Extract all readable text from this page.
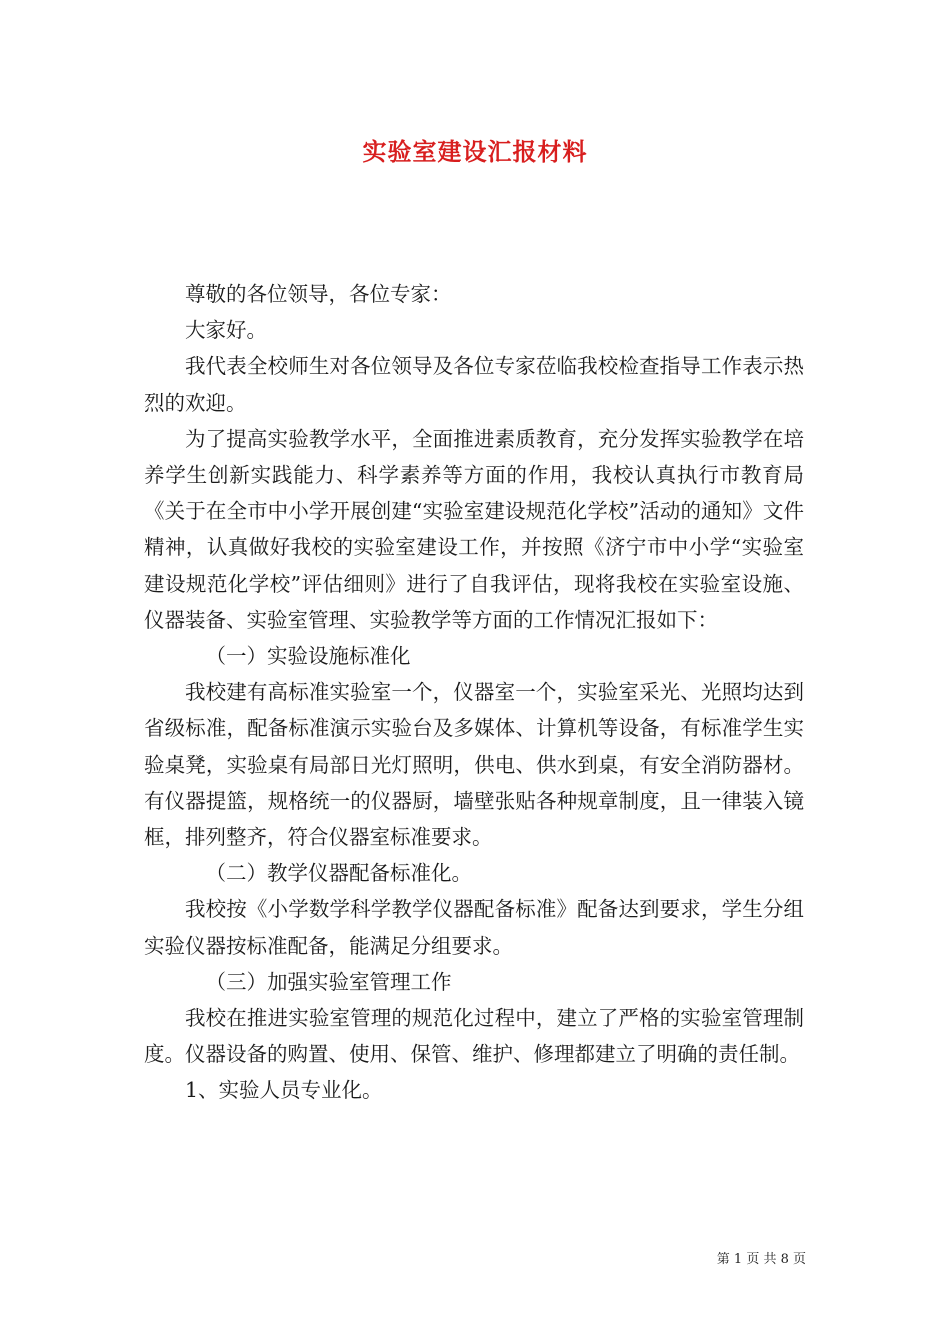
实验室建设汇报材料

尊敬的各位领导，各位专家：

大家好。

我代表全校师生对各位领导及各位专家莅临我校检查指导工作表示热烈的欢迎。

为了提高实验教学水平，全面推进素质教育，充分发挥实验教学在培养学生创新实践能力、科学素养等方面的作用，我校认真执行市教育局《关于在全市中小学开展创建“实验室建设规范化学校”活动的通知》文件精神，认真做好我校的实验室建设工作，并按照《济宁市中小学“实验室建设规范化学校”评估细则》进行了自我评估，现将我校在实验室设施、仪器装备、实验室管理、实验教学等方面的工作情况汇报如下：

（一）实验设施标准化

我校建有高标准实验室一个，仪器室一个，实验室采光、光照均达到省级标准，配备标准演示实验台及多媒体、计算机等设备，有标准学生实验桌凳，实验桌有局部日光灯照明，供电、供水到桌，有安全消防器材。有仪器提篮，规格统一的仪器厨，墙壁张贴各种规章制度，且一律装入镜框，排列整齐，符合仪器室标准要求。

（二）教学仪器配备标准化。

我校按《小学数学科学教学仪器配备标准》配备达到要求，学生分组实验仪器按标准配备，能满足分组要求。

（三）加强实验室管理工作

我校在推进实验室管理的规范化过程中，建立了严格的实验室管理制度。仪器设备的购置、使用、保管、维护、修理都建立了明确的责任制。

1、实验人员专业化。

第 1 页 共 8 页
